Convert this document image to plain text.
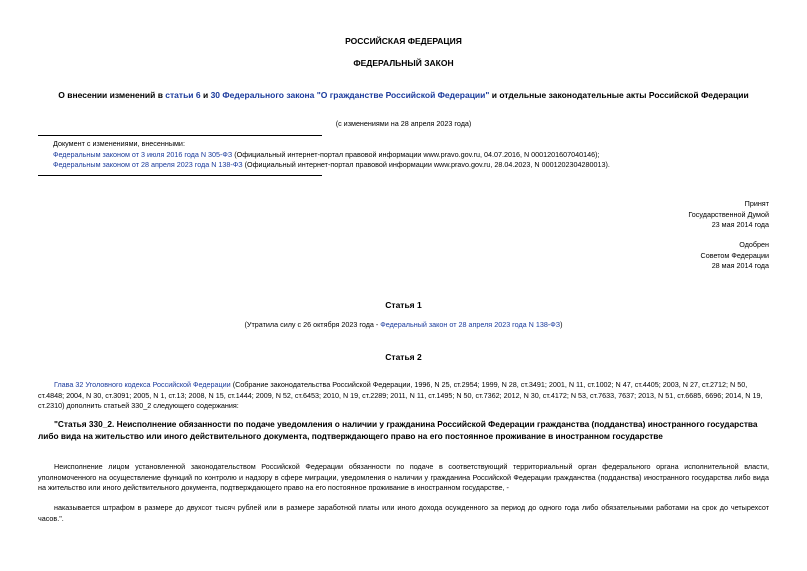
РОССИЙСКАЯ ФЕДЕРАЦИЯ
ФЕДЕРАЛЬНЫЙ ЗАКОН
О внесении изменений в статьи 6 и 30 Федерального закона "О гражданстве Российской Федерации" и отдельные законодательные акты Российской Федерации
(с изменениями на 28 апреля 2023 года)
Документ с изменениями, внесенными:
Федеральным законом от 3 июля 2016 года N 305-ФЗ (Официальный интернет-портал правовой информации www.pravo.gov.ru, 04.07.2016, N 0001201607040146);
Федеральным законом от 28 апреля 2023 года N 138-ФЗ (Официальный интернет-портал правовой информации www.pravo.gov.ru, 28.04.2023, N 0001202304280013).
Принят
Государственной Думой
23 мая 2014 года
Одобрен
Советом Федерации
28 мая 2014 года
Статья 1
(Утратила силу с 26 октября 2023 года - Федеральный закон от 28 апреля 2023 года N 138-ФЗ)
Статья 2
Глава 32 Уголовного кодекса Российской Федерации (Собрание законодательства Российской Федерации, 1996, N 25, ст.2954; 1999, N 28, ст.3491; 2001, N 11, ст.1002; N 47, ст.4405; 2003, N 27, ст.2712; N 50, ст.4848; 2004, N 30, ст.3091; 2005, N 1, ст.13; 2008, N 15, ст.1444; 2009, N 52, ст.6453; 2010, N 19, ст.2289; 2011, N 11, ст.1495; N 50, ст.7362; 2012, N 30, ст.4172; N 53, ст.7633, 7637; 2013, N 51, ст.6685, 6696; 2014, N 19, ст.2310) дополнить статьей 330_2 следующего содержания:
"Статья 330_2. Неисполнение обязанности по подаче уведомления о наличии у гражданина Российской Федерации гражданства (подданства) иностранного государства либо вида на жительство или иного действительного документа, подтверждающего право на его постоянное проживание в иностранном государстве
Неисполнение лицом установленной законодательством Российской Федерации обязанности по подаче в соответствующий территориальный орган федерального органа исполнительной власти, уполномоченного на осуществление функций по контролю и надзору в сфере миграции, уведомления о наличии у гражданина Российской Федерации гражданства (подданства) иностранного государства либо вида на жительство или иного действительного документа, подтверждающего право на его постоянное проживание в иностранном государстве, -
наказывается штрафом в размере до двухсот тысяч рублей или в размере заработной платы или иного дохода осужденного за период до одного года либо обязательными работами на срок до четырехсот часов.".
